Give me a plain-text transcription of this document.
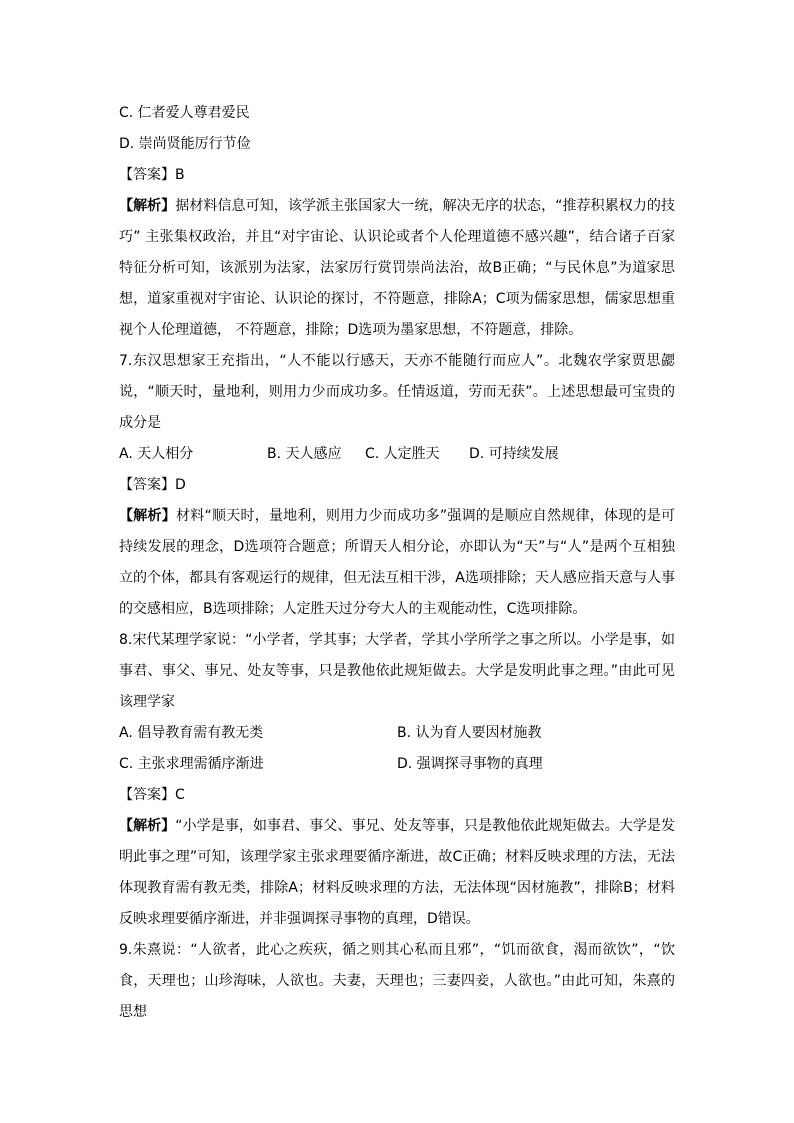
C. 仁者爱人尊君爱民
D. 崇尚贤能厉行节俭
【答案】B
【解析】据材料信息可知，该学派主张国家大一统，解决无序的状态，“推荐积累权力的技巧” 主张集权政治，并且“对宇宙论、认识论或者个人伦理道德不感兴趣”，结合诸子百家特征分析可知，该派别为法家，法家厉行赏罚崇尚法治，故B正确；“与民休息”为道家思想，道家重视对宇宙论、认识论的探讨，不符题意，排除A；C项为儒家思想，儒家思想重视个人伦理道德， 不符题意，排除；D选项为墨家思想，不符题意，排除。
7.东汉思想家王充指出，“人不能以行感天，天亦不能随行而应人”。北魏农学家贾思勰说，“顺天时，量地利，则用力少而成功多。任情返道，劳而无获”。上述思想最可宝贵的成分是
A. 天人相分	B. 天人感应	C. 人定胜天	D. 可持续发展
【答案】D
【解析】材料“顺天时，量地利，则用力少而成功多”强调的是顺应自然规律，体现的是可持续发展的理念，D选项符合题意；所谓天人相分论，亦即认为“天”与“人”是两个互相独立的个体，都具有客观运行的规律，但无法互相干涉，A选项排除；天人感应指天意与人事的交感相应，B选项排除；人定胜天过分夸大人的主观能动性，C选项排除。
8.宋代某理学家说：“小学者，学其事；大学者，学其小学所学之事之所以。小学是事，如事君、事父、事兄、处友等事，只是教他依此规矩做去。大学是发明此事之理。”由此可见该理学家
A. 倡导教育需有教无类	B. 认为育人要因材施教
C. 主张求理需循序渐进	D. 强调探寻事物的真理
【答案】C
【解析】“小学是事，如事君、事父、事兄、处友等事，只是教他依此规矩做去。大学是发明此事之理”可知，该理学家主张求理要循序渐进，故C正确；材料反映求理的方法，无法体现教育需有教无类，排除A；材料反映求理的方法，无法体现“因材施教”，排除B；材料反映求理要循序渐进，并非强调探寻事物的真理，D错误。
9.朱熹说：“人欲者，此心之疾疢，循之则其心私而且邪”，“饥而欲食，渴而欲饮”，“饮食，天理也；山珍海味，人欲也。夫妻，天理也；三妻四妾，人欲也。”由此可知，朱熹的思想
